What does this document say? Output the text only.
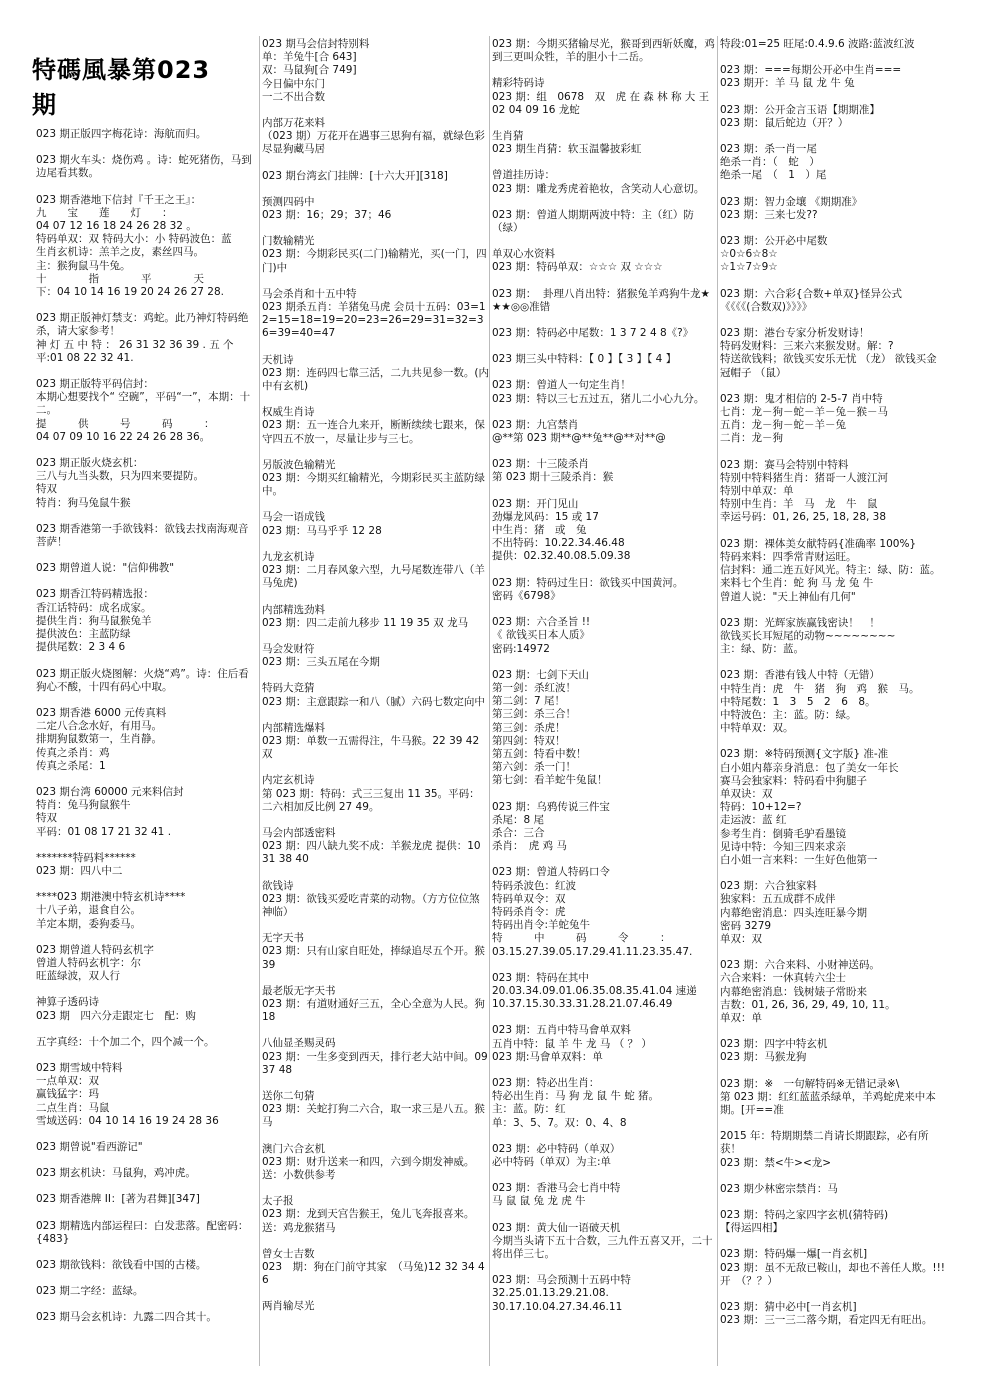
特碼風暴第023期
023 期正版四字梅花诗：海航而归。
023 期火车头：烧伤鸡 。诗：蛇死猪伤，马到边尾看其数。
023 期香港地下信封『千王之王』：
九　　宝　　莲　　灯　　：
04 07 12 16 18 24 26 28 32 。
特码单双：双 特码大小：小 特码波色：蓝
生肖玄机诗：羔羊之皮，素丝四马。
主：猴狗鼠马牛兔。
十　　　　指　　　　平　　　　天
下：04 10 14 16 19 20 24 26 27 28.
023 期正版神灯禁支：鸡蛇。此乃神灯特码绝杀，请大家参考！
神 灯 五 中 特 ： 26 31 32 36 39 . 五 个
平:01 08 22 32 41.
023 期正版特平码信封：
本期心想要找个“ 空碗”，平码“一”，本期：十二。
提　　　供　　　号　　　码　　　：
04 07 09 10 16 22 24 26 28 36。
023 期正版火烧玄机：
三八与九当头数，只为四来要提防。
特双
特肖：狗马兔鼠牛猴
023 期香港第一手欲钱料：欲钱去找南海观音菩萨！
023 期曾道人说："信仰佛教"
023 期香江特码精选报：
香江话特码：成名成家。
提供生肖：狗马鼠猴兔羊
提供波色：主蓝防绿
提供尾数：2 3 4 6
023 期正版火烧图解：火烧“鸡”。诗：住后看狗心不酸，十四有码心中取。
023 期香港 6000 元传真料
二定八合念水好，有用马。
排期狗鼠数第一，生肖静。
传真之杀肖：鸡
传真之杀尾：1
023 期台湾 60000 元来料信封
特肖：兔马狗鼠猴牛
特双
平码：01 08 17 21 32 41 .
*******特码料******
023 期：四八中二
****023 期港澳中特玄机诗****
十八子弟，退食自公。
羊定本期，委狗委马。
023 期曾道人特码玄机字
曾道人特码玄机字：尔
旺蓝绿波，双人行
神算子透码诗
023 期　四六分走跟定七　配：购
五字真经：十个加二个，四个减一个。
023 期雪域中特料
一点单双：双
赢钱猛字：玛
二点生肖：马鼠
雪域送码：04 10 14 16 19 24 28 36
023 期曾说"看西游记"
023 期玄机诀：马鼠狗，鸡冲虎。
023 期香港牌 II：[著为君舞][347]
023 期精选内部运程曰：白发悲落。配密码：{483}
023 期欲钱料：欲钱看中国的古楼。
023 期二字经：蓝绿。
023 期马会玄机诗：九露二四合其十。
023 期马会信封特别料
单：羊兔牛[合 643]
双：马鼠狗[合 749]
今日偏中东门
一二不出合数
内部万花来料
（023 期）万花开在遇事三思狗有福，就绿色彩尽显狗藏马居
023 期台湾玄门挂牌：[十六大开][318]
预测四码中
023 期：16；29；37；46
门数输精光
023 期：今期彩民买(二门)输精光，买(一门，四门)中
马会杀肖和十五中特
023 期杀五肖：羊猪兔马虎 会员十五码：03=12=15=18=19=20=23=26=29=31=32=36=39=40=47
天机诗
023 期：连码四七靠三活，二九共见参一数。(内中有玄机)
权威生肖诗
023 期：五一连合九来开，断断续续七跟来，保守四五不放一，尽量让步与三七。
另版波色输精光
023 期：今期买红输精光，今期彩民买主蓝防绿中。
马会一语成钱
023 期：马马乎乎 12 28
九龙玄机诗
023 期：二月春风象六型，九号尾数连带八（羊马兔虎)
内部精选劲料
023 期：四二走前九移步 11 19 35 双 龙马
马会发财符
023 期：三头五尾在今期
特码大竞猜
023 期：主意跟踪一和八（腻）六码七数定向中
内部精选爆料
023 期：单数一五需得注，牛马猴。22 39 42 双
内定玄机诗
第 023 期：特码：式三三复出 11 35。平码：二六相加反比例 27 49。
马会内部透密料
023 期：四八缺九奖不成：羊猴龙虎 提供：10 31 38 40
欲钱诗
023 期：欲钱买爱吃青菜的动物。（方方位位煞神临）
无字天书
023 期：只有山家自旺处，捧绿追尽五个开。猴 39
最老版无字天书
023 期：有道财通好三五，全心全意为人民。狗 18
八仙显圣赐灵码
023 期：一生多变到西天，排行老大站中间。09 37 48
送你二句猜
023 期：关蛇打狗二六合，取一求三是八五。猴马
澳门六合玄机
023 期：财升送来一和四，六到今期发神威。 送：小数供参考
太子报
023 期：龙到天宫告猴王，兔儿飞奔报喜来。送：鸡龙猴猪马
曾女士吉数
023　期：狗在门前守其家　（马兔)12 32 34 46
两肖输尽光
023 期：今期买猪输尽光，猴哥到西斩妖魔，鸡到三更叫众牲，羊的胆小十二岳。
精彩特码诗
023 期：组　0678　双　虎 在 森 林 称 大 王 02 04 09 16 龙蛇
生肖猜
023 期生肖猜：软玉温馨披彩虹
曾道挂历诗：
023 期：雕龙秀虎着艳妆，含笑动人心意切。
023 期：曾道人期期两波中特：主（红）防（绿）
单双心水资料
023 期：特码单双：☆☆☆ 双 ☆☆☆
023 期：  卦理八肖出特：猪猴兔羊鸡狗牛龙★★★◎◎准错
023 期：特码必中尾数：1 3 7 2 4 8《?》
023 期三头中特料：【 0 】【 3 】【 4 】
023 期：曾道人一句定生肖！
023 期：特以三七五过五，猪儿二小心九分。
023 期：九宫禁肖
@**第 023 期**@**兔**@**对**@
023 期：十三陵杀肖
第 023 期十三陵杀肖：猴
023 期：开门见山
劲爆龙风码：15 或 17
中生肖：猪　或　兔
不出特码：10.22.34.46.48
提供：02.32.40.08.5.09.38
023 期：特码过生日：欲钱买中国黄河。
密码《6798》
023 期：六合圣旨 !!
《 欲钱买日本人质》
密码:14972
023 期：七剑下天山
第一剑：杀红波！
第二剑：7 尾！
第三剑：杀三合！
第三剑：杀虎！
第四剑：特双！
第五剑：特看中数！
第六剑：杀一门！
第七剑：看羊蛇牛兔鼠！
023 期：乌鸦传说三件宝
杀尾：8 尾
杀合：三合
杀肖：　虎 鸡 马
023 期：曾道人特码口令
特码杀波色：红波
特码单双令：双
特码杀肖令：虎
特码出肖令:羊蛇兔牛
特　　　中　　　码　　　令　　　：
03.15.27.39.05.17.29.41.11.23.35.47.
023 期：特码在其中
20.03.34.09.01.06.35.08.35.41.04 速递
10.37.15.30.33.31.28.21.07.46.49
023 期：五肖中特马會单双料
五肖中特：鼠 羊 牛 龙 马 （ ？ ）
023 期:马會单双料：单
023 期：特必出生肖：
特必出生肖：马 狗 龙 鼠 牛 蛇 猪。
主：蓝。防：红
单：3、5、7。双：0、4、8
023 期：必中特码（单双）
必中特码（单双）为主:单
023 期：香港马会七肖中特
马 鼠 鼠 兔 龙 虎 牛
023 期：黄大仙一语破天机
今期当头请下五十合数，三九件五喜又开，二十将出佯三七。
023 期：马会预测十五码中特
32.25.01.13.29.21.08.
30.17.10.04.27.34.46.11
特段:01=25 旺尾:0.4.9.6 波路:蓝波红波
023 期：===每期公开必中生肖===
023 期开：羊 马 鼠 龙 牛 兔
023 期：公开金言玉语【期期准】
023 期：鼠后蛇边（开？）
023 期：杀一肖一尾
绝杀一肖：（　蛇　）
绝杀一尾　（　1　）尾
023 期：智力金壤 《期期准》
023 期：三来七发??
023 期：公开必中尾数
☆0☆6☆8☆
☆1☆7☆9☆
023 期：六合彩{合数+单双}怪异公式
《《《《(合数双)》》》》
023 期：港台专家分析发财诗！
特码发财料：三来六来猴发财。解：?
特送欲钱料；欲钱买安乐无忧 （龙） 欲钱买金冠帽子 （鼠）
023 期：鬼才相信的 2-5-7 肖中特
七肖：龙－狗－蛇－羊－兔－猴－马
五肖：龙－狗－蛇－羊－兔
二肖：龙－狗
023 期：赛马会特别中特料
特别中特料猪生肖：猪哥一人渡江河
特别中单双：单
特别中生肖：羊　马　龙　牛　鼠
幸运号码：01, 26, 25, 18, 28, 38
023 期：裸体美女献特码{准确率 100%}
特码来料：四季常青财运旺。
信封料：通二连五好风光。特主：绿、防：蓝。
来料七个生肖：蛇 狗 马 龙 兔 牛
曾道人说："天上神仙有几何"
023 期：光辉家族赢钱密诀！　！
欲钱买长耳短尾的动物~~~~~~~~
主：绿、防：蓝。
023 期：香港有钱人中特（无错）
中特生肖：虎　牛　猪　狗　鸡　猴　马。
中特尾数：1　3　5　2　6　8。
中特波色：主：蓝。防：绿。
中特单双：双。
023 期：※特码预测{文字版} 准-准
白小姐内幕亲身消息：包了美女一年长
赛马会独家料：特码看中狗腿子
单双诀：双
特码：10+12=?
走运波：蓝 红
参考生肖：倒骑毛驴看墨镜
见诗中特：今知三四来求亲
白小姐一言来料：一生好色他第一
023 期：六合独家料
独家料：五五成群不成伴
内幕绝密消息：四头连旺暴今期
密码 3279
单双：双
023 期：六合来料、小财神送码。
六合来料：一休真转六尘士
内幕绝密消息：钱树婊子常盼来
吉数：01, 26, 36, 29, 49, 10, 11。
单双：单
023 期：四字中特玄机
023 期：马猴龙狗
023 期：※　一句解特码※无错记录※\
第 023 期：红红蓝蓝杀绿单，羊鸡蛇虎来中本期。[开==准
2015 年：特期期禁二肖请长期跟踪，必有所获！
023 期：禁<牛><龙>
023 期少林密宗禁肖：马
023 期：特码之家四字玄机(猜特码)
【得运四相】
023 期：特码爆一爆[一肖玄机]
023 期：虽不无敌已鞍山，却也不善任人欺。!!!　开　（？？）
023 期：猜中必中[一肖玄机]
023 期：三一三二落今期，看定四无有旺出。
